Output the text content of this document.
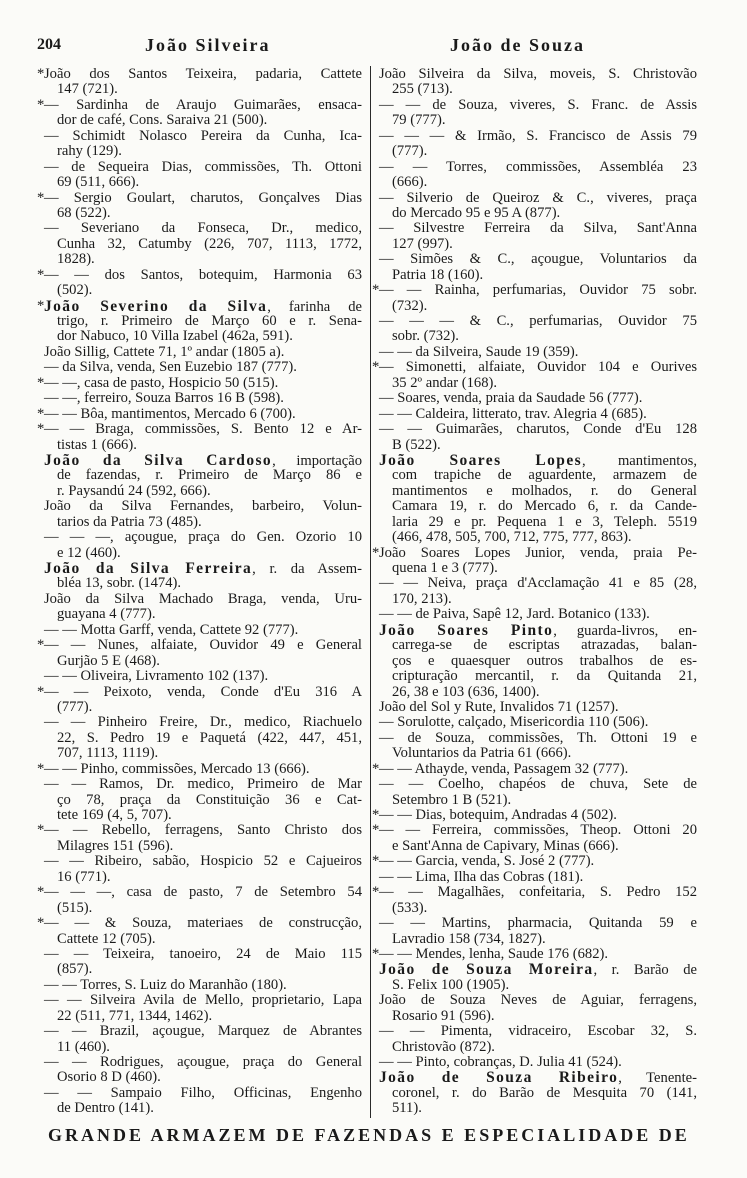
204	João Silveira	João de Souza
* João dos Santos Teixeira, padaria, Cattete
147 (721).
* — Sardinha de Araujo Guimarães, ensaca-
dor de café, Cons. Saraiva 21 (500).
— Schimidt Nolasco Pereira da Cunha, Ica-
rahy (129).
— de Sequeira Dias, commissões, Th. Ottoni
69 (511, 666).
* — Sergio Goulart, charutos, Gonçalves Dias
68 (522).
— Severiano da Fonseca, Dr., medico,
Cunha 32, Catumby (226, 707, 1113, 1772,
1828).
* — — dos Santos, botequim, Harmonia 63
(502).
* João Severino da Silva, farinha de
trigo, r. Primeiro de Março 60 e r. Sena-
dor Nabuco, 10 Villa Izabel (462a, 591).
João Sillig, Cattete 71, 1º andar (1805 a).
— da Silva, venda, Sen Euzebio 187 (777).
* — —, casa de pasto, Hospicio 50 (515).
— —, ferreiro, Souza Barros 16 B (598).
* — — Bôa, mantimentos, Mercado 6 (700).
* — — Braga, commissões, S. Bento 12 e Ar-
tistas 1 (666).
João da Silva Cardoso, importação
de fazendas, r. Primeiro de Março 86 e
r. Paysandú 24 (592, 666).
João da Silva Fernandes, barbeiro, Volun-
tarios da Patria 73 (485).
— — —, açougue, praça do Gen. Ozorio 10
e 12 (460).
João da Silva Ferreira, r. da Assem-
bléa 13, sobr. (1474).
João da Silva Machado Braga, venda, Uru-
guayana 4 (777).
— — Motta Garff, venda, Cattete 92 (777).
* — — Nunes, alfaiate, Ouvidor 49 e General
Gurjão 5 E (468).
— — Oliveira, Livramento 102 (137).
* — — Peixoto, venda, Conde d'Eu 316 A
(777).
— — Pinheiro Freire, Dr., medico, Riachuelo
22, S. Pedro 19 e Paquetá (422, 447, 451,
707, 1113, 1119).
* — — Pinho, commissões, Mercado 13 (666).
— — Ramos, Dr. medico, Primeiro de Mar
ço 78, praça da Constituição 36 e Cat-
tete 169 (4, 5, 707).
* — — Rebello, ferragens, Santo Christo dos
Milagres 151 (596).
— — Ribeiro, sabão, Hospicio 52 e Cajueiros
16 (771).
* — — —, casa de pasto, 7 de Setembro 54
(515).
* — — & Souza, materiaes de construcção,
Cattete 12 (705).
— — Teixeira, tanoeiro, 24 de Maio 115
(857).
— — Torres, S. Luiz do Maranhão (180).
— — Silveira Avila de Mello, proprietario, Lapa
22 (511, 771, 1344, 1462).
— — Brazil, açougue, Marquez de Abrantes
11 (460).
— — Rodrigues, açougue, praça do General
Osorio 8 D (460).
— — Sampaio Filho, Officinas, Engenho
de Dentro (141).
João Silveira da Silva, moveis, S. Christovão
255 (713).
— — de Souza, viveres, S. Franc. de Assis
79 (777).
— — — & Irmão, S. Francisco de Assis 79
(777).
— — Torres, commissões, Assembléa 23
(666).
— Silverio de Queiroz & C., viveres, praça
do Mercado 95 e 95 A (877).
— Silvestre Ferreira da Silva, Sant'Anna
127 (997).
— Simões & C., açougue, Voluntarios da
Patria 18 (160).
* — — Rainha, perfumarias, Ouvidor 75 sobr.
(732).
— — — & C., perfumarias, Ouvidor 75
sobr. (732).
— — da Silveira, Saude 19 (359).
* — Simonetti, alfaiate, Ouvidor 104 e Ourives
35 2º andar (168).
— Soares, venda, praia da Saudade 56 (777).
— — Caldeira, litterato, trav. Alegria 4 (685).
— — Guimarães, charutos, Conde d'Eu 128
B (522).
João Soares Lopes, mantimentos,
com trapiche de aguardente, armazem de
mantimentos e molhados, r. do General
Camara 19, r. do Mercado 6, r. da Cande-
laria 29 e pr. Pequena 1 e 3, Teleph. 5519
(466, 478, 505, 700, 712, 775, 777, 863).
* João Soares Lopes Junior, venda, praia Pe-
quena 1 e 3 (777).
— — Neiva, praça d'Acclamação 41 e 85 (28,
170, 213).
— — de Paiva, Sapê 12, Jard. Botanico (133).
João Soares Pinto, guarda-livros, en-
carrega-se de escriptas atrazadas, balan-
ços e quaesquer outros trabalhos de es-
cripturação mercantil, r. da Quitanda 21,
26, 38 e 103 (636, 1400).
João del Sol y Rute, Invalidos 71 (1257).
— Sorulotte, calçado, Misericordia 110 (506).
— de Souza, commissões, Th. Ottoni 19 e
Voluntarios da Patria 61 (666).
* — — Athayde, venda, Passagem 32 (777).
— — Coelho, chapéos de chuva, Sete de
Setembro 1 B (521).
* — — Dias, botequim, Andradas 4 (502).
* — — Ferreira, commissões, Theop. Ottoni 20
e Sant'Anna de Capivary, Minas (666).
* — — Garcia, venda, S. José 2 (777).
— — Lima, Ilha das Cobras (181).
* — — Magalhães, confeitaria, S. Pedro 152
(533).
— — Martins, pharmacia, Quitanda 59 e
Lavradio 158 (734, 1827).
* — — Mendes, lenha, Saude 176 (682).
João de Souza Moreira, r. Barão de
S. Felix 100 (1905).
João de Souza Neves de Aguiar, ferragens,
Rosario 91 (596).
— — Pimenta, vidraceiro, Escobar 32, S.
Christovão (872).
— — Pinto, cobranças, D. Julia 41 (524).
João de Souza Ribeiro, Tenente-
coronel, r. do Barão de Mesquita 70 (141,
511).
GRANDE ARMAZEM DE FAZENDAS E ESPECIALIDADE DE
